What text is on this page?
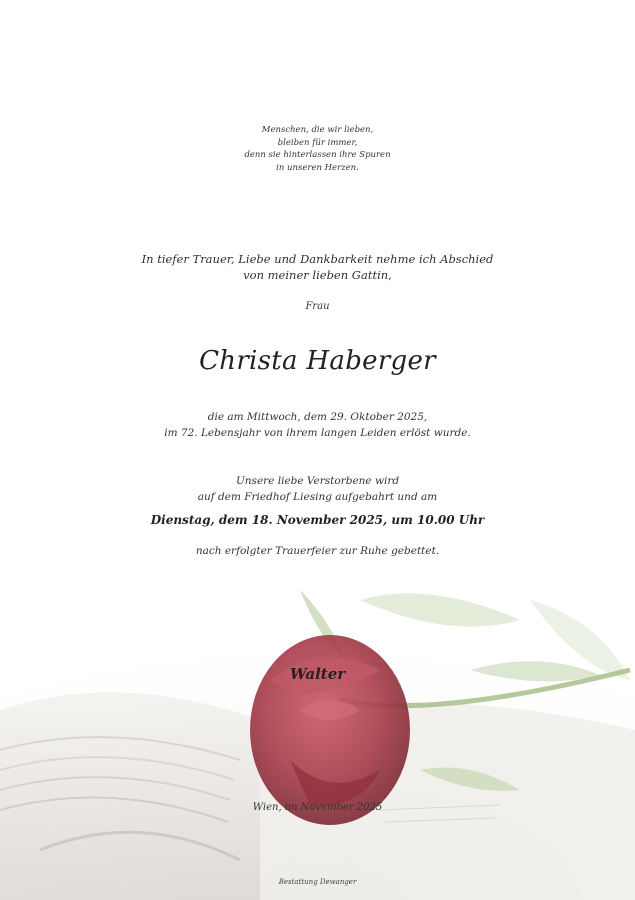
Menschen, die wir lieben,
bleiben für immer,
denn sie hinterlassen ihre Spuren
in unseren Herzen.
In tiefer Trauer, Liebe und Dankbarkeit nehme ich Abschied
von meiner lieben Gattin,
Frau
Christa Haberger
die am Mittwoch, dem 29. Oktober 2025,
im 72. Lebensjahr von ihrem langen Leiden erlöst wurde.
Unsere liebe Verstorbene wird
auf dem Friedhof Liesing aufgebahrt und am
Dienstag, dem 18. November 2025, um 10.00 Uhr
nach erfolgter Trauerfeier zur Ruhe gebettet.
Walter
Wien, im November 2025
Bestattung Dewanger
